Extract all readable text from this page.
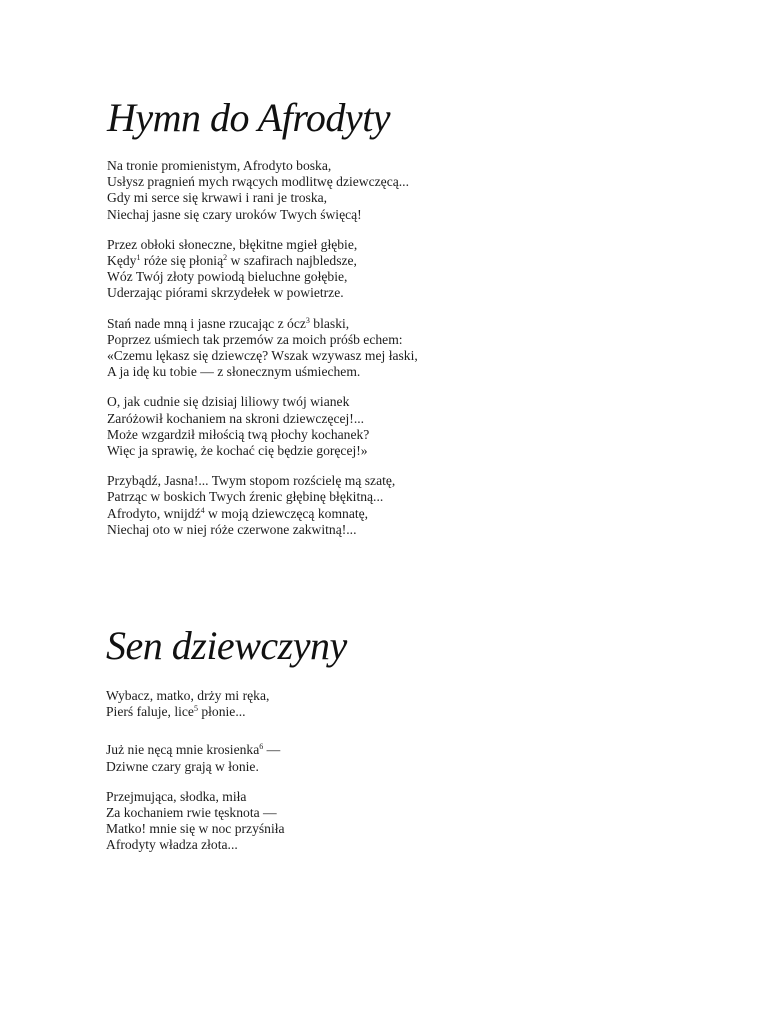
Hymn do Afrodyty
Na tronie promienistym, Afrodyto boska,
Usłysz pragnień mych rwących modlitwę dziewczęcą...
Gdy mi serce się krwawi i rani je troska,
Niechaj jasne się czary uroków Twych święcą!
Przez obłoki słoneczne, błękitne mgieł głębie,
Kędy$^1$ róże się płonią$^2$ w szafirach najbledsze,
Wóz Twój złoty powiodą bieluchne gołębie,
Uderzając piórami skrzydełek w powietrze.
Stań nade mną i jasne rzucając z ócz$^3$ blaski,
Poprzez uśmiech tak przemów za moich próśb echem:
«Czemu lękasz się dziewczę? Wszak wzywasz mej łaski,
A ja idę ku tobie — z słonecznym uśmiechem.
O, jak cudnie się dzisiaj liliowy twój wianek
Zaróżowił kochaniem na skroni dziewczęcej!...
Może wzgardził miłością twą płochy kochanek?
Więc ja sprawię, że kochać cię będzie goręcej!»
Przybądź, Jasna!... Twym stopom rozścielę mą szatę,
Patrząc w boskich Twych źrenic głębinę błękitną...
Afrodyto, wnijdź$^4$ w moją dziewczęcą komnatę,
Niechaj oto w niej róże czerwone zakwitną!...
Sen dziewczyny
Wybacz, matko, drży mi ręka,
Pierś faluje, lice$^5$ płonie...
Już nie nęcą mnie krosienka$^6$ —
Dziwne czary grają w łonie.
Przejmująca, słodka, miła
Za kochaniem rwie tęsknota —
Matko! mnie się w noc przyśniła
Afrodyty władza złota...
